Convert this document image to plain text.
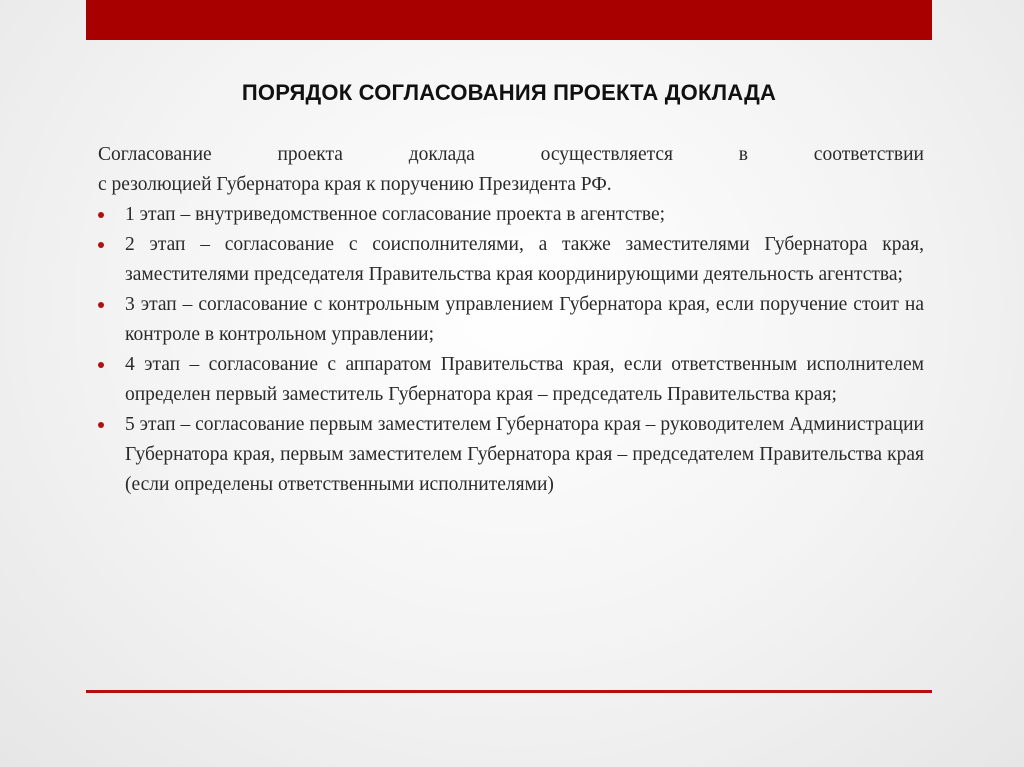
ПОРЯДОК СОГЛАСОВАНИЯ ПРОЕКТА ДОКЛАДА

Согласование проекта доклада осуществляется в соответствии
с резолюцией Губернатора края к поручению Президента РФ.

1 этап – внутриведомственное согласование проекта в агентстве;
2 этап – согласование с соисполнителями, а также заместителями Губернатора края, заместителями председателя Правительства края координирующими деятельность агентства;
3 этап – согласование с контрольным управлением Губернатора края, если поручение стоит на контроле в контрольном управлении;
4 этап – согласование с аппаратом Правительства края, если ответственным исполнителем определен первый заместитель Губернатора края – председатель Правительства края;
5 этап – согласование первым заместителем Губернатора края – руководителем Администрации Губернатора края, первым заместителем Губернатора края – председателем Правительства края (если определены ответственными исполнителями)
